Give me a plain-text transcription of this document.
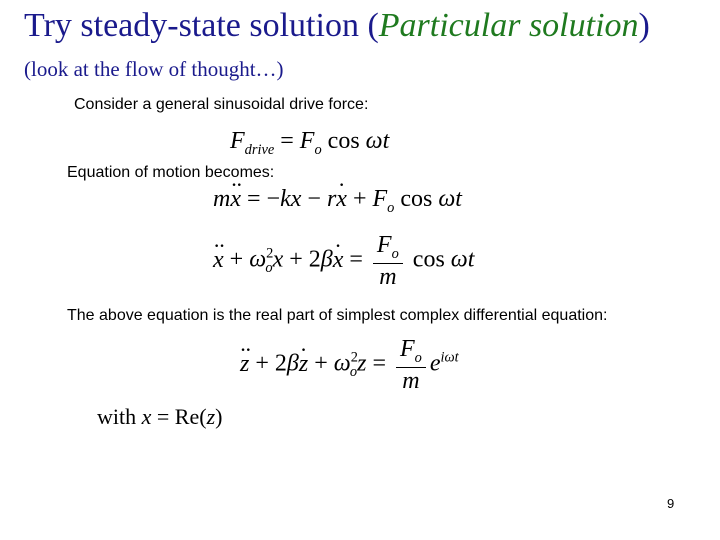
Try steady-state solution (Particular solution)
(look at the flow of thought…)
Consider a general sinusoidal drive force:
$F_{drive} = F_o$ cos ωt
Equation of motion becomes:
$m\cdot\cdot x = -kx - r\cdot x + F_o$ cos ωt
·· $x + \omega^2_ox + 2\beta\cdot x = \frac{F_o}{m}$ cos ωt
The above equation is the real part of simplest complex differential equation:
·· $z + 2\beta\cdot z + \omega^2_oz = \frac{F_o}{m} e^{i\omega t}$
with x = Re(z)
9
